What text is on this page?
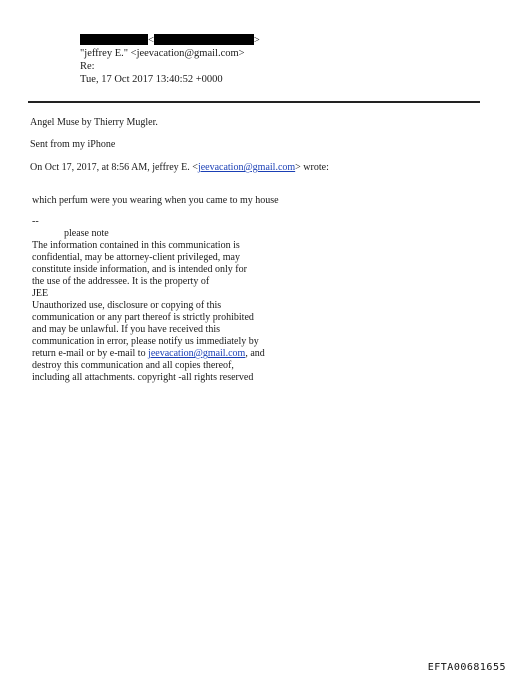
<	>
"jeffrey E." <jeevacation@gmail.com>
Re:
Tue, 17 Oct 2017 13:40:52 +0000
Angel Muse by Thierry Mugler.
Sent from my iPhone
On Oct 17, 2017, at 8:56 AM, jeffrey E. <jeevacation@gmail.com> wrote:
which perfum were you wearing when you came to my house
--
please note
The information contained in this communication is
confidential, may be attorney-client privileged, may
constitute inside information, and is intended only for
the use of the addressee. It is the property of
JEE
Unauthorized use, disclosure or copying of this
communication or any part thereof is strictly prohibited
and may be unlawful. If you have received this
communication in error, please notify us immediately by
return e-mail or by e-mail to jeevacation@gmail.com, and
destroy this communication and all copies thereof,
including all attachments. copyright -all rights reserved
EFTA00681655
